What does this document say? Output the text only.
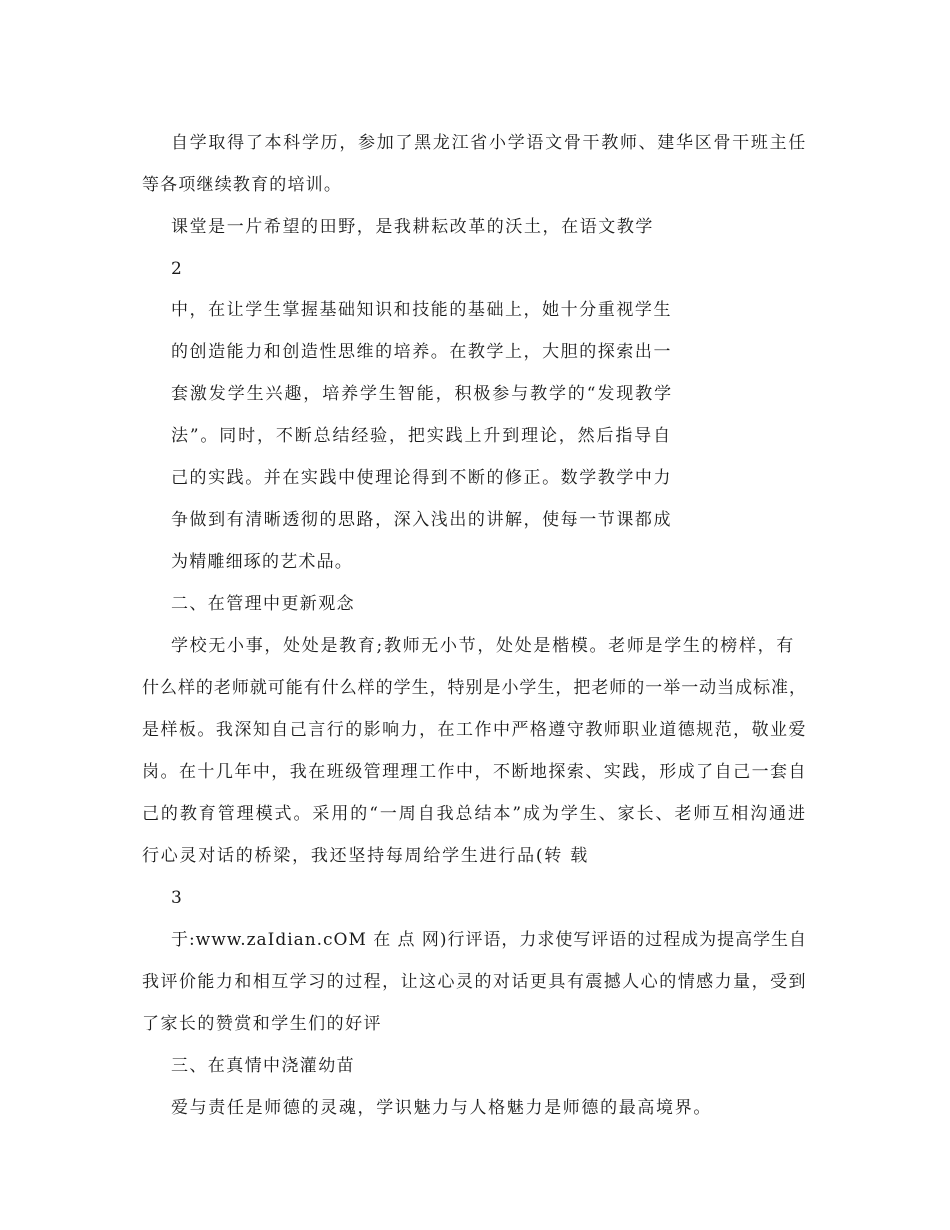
自学取得了本科学历，参加了黑龙江省小学语文骨干教师、建华区骨干班主任

等各项继续教育的培训。

课堂是一片希望的田野，是我耕耘改革的沃土，在语文教学

2

中，在让学生掌握基础知识和技能的基础上，她十分重视学生

的创造能力和创造性思维的培养。在教学上，大胆的探索出一

套激发学生兴趣，培养学生智能，积极参与教学的“发现教学

法”。同时，不断总结经验，把实践上升到理论，然后指导自

己的实践。并在实践中使理论得到不断的修正。数学教学中力

争做到有清晰透彻的思路，深入浅出的讲解，使每一节课都成

为精雕细琢的艺术品。

二、在管理中更新观念

学校无小事，处处是教育;教师无小节，处处是楷模。老师是学生的榜样，有

什么样的老师就可能有什么样的学生，特别是小学生，把老师的一举一动当成标准，

是样板。我深知自己言行的影响力，在工作中严格遵守教师职业道德规范，敬业爱

岗。在十几年中，我在班级管理理工作中，不断地探索、实践，形成了自己一套自

己的教育管理模式。采用的“一周自我总结本”成为学生、家长、老师互相沟通进

行心灵对话的桥梁，我还坚持每周给学生进行品(转 载

3

于:www.zaIdian.cOM 在 点 网)行评语，力求使写评语的过程成为提高学生自

我评价能力和相互学习的过程，让这心灵的对话更具有震撼人心的情感力量，受到

了家长的赞赏和学生们的好评

三、在真情中浇灌幼苗

爱与责任是师德的灵魂，学识魅力与人格魅力是师德的最高境界。
